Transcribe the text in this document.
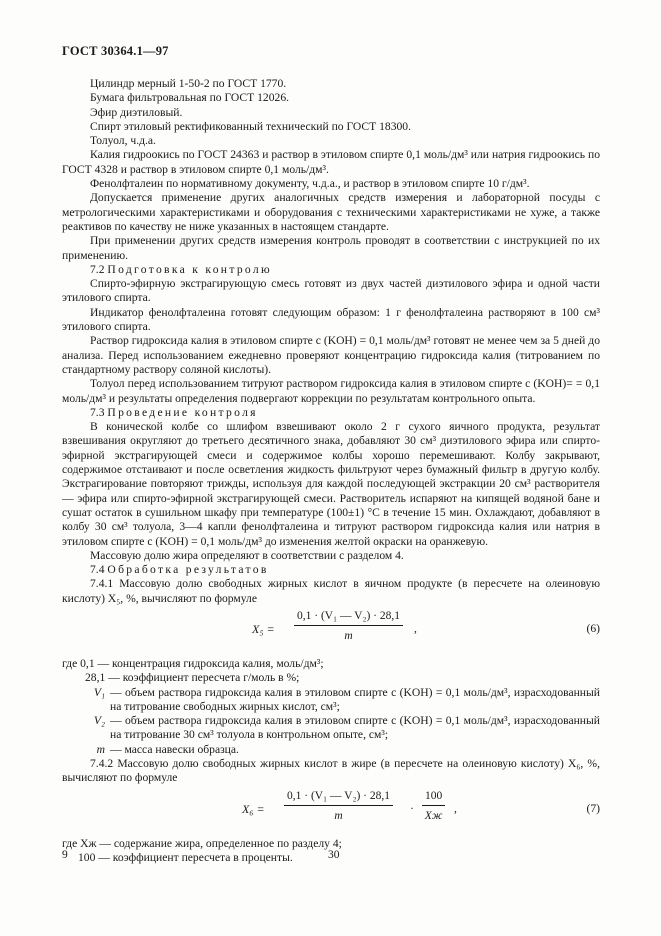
ГОСТ 30364.1—97

Цилиндр мерный 1-50-2 по ГОСТ 1770.

Бумага фильтровальная по ГОСТ 12026.

Эфир диэтиловый.

Спирт этиловый ректификованный технический по ГОСТ 18300.

Толуол, ч.д.а.

Калия гидроокись по ГОСТ 24363 и раствор в этиловом спирте 0,1 моль/дм³ или натрия гидроокись по ГОСТ 4328 и раствор в этиловом спирте 0,1 моль/дм³.

Фенолфталеин по нормативному документу, ч.д.а., и раствор в этиловом спирте 10 г/дм³.

Допускается применение других аналогичных средств измерения и лабораторной посуды с метрологическими характеристиками и оборудования с техническими характеристиками не хуже, а также реактивов по качеству не ниже указанных в настоящем стандарте.

При применении других средств измерения контроль проводят в соответствии с инструкцией по их применению.

7.2 Подготовка к контролю

Спирто-эфирную экстрагирующую смесь готовят из двух частей диэтилового эфира и одной части этилового спирта.

Индикатор фенолфталеина готовят следующим образом: 1 г фенолфталеина растворяют в 100 см³ этилового спирта.

Раствор гидроксида калия в этиловом спирте с (KOH) = 0,1 моль/дм³ готовят не менее чем за 5 дней до анализа. Перед использованием ежедневно проверяют концентрацию гидроксида калия (титрованием по стандартному раствору соляной кислоты).

Толуол перед использованием титруют раствором гидроксида калия в этиловом спирте с (KOH)= = 0,1 моль/дм³ и результаты определения подвергают коррекции по результатам контрольного опыта.

7.3 Проведение контроля

В конической колбе со шлифом взвешивают около 2 г сухого яичного продукта, результат взвешивания округляют до третьего десятичного знака, добавляют 30 см³ диэтилового эфира или спирто-эфирной экстрагирующей смеси и содержимое колбы хорошо перемешивают. Колбу закрывают, содержимое отстаивают и после осветления жидкость фильтруют через бумажный фильтр в другую колбу. Экстрагирование повторяют трижды, используя для каждой последующей экстракции 20 см³ растворителя — эфира или спирто-эфирной экстрагирующей смеси. Растворитель испаряют на кипящей водяной бане и сушат остаток в сушильном шкафу при температуре (100±1) °С в течение 15 мин. Охлаждают, добавляют в колбу 30 см³ толуола, 3—4 капли фенолфталеина и титруют раствором гидроксида калия или натрия в этиловом спирте с (KOH) = 0,1 моль/дм³ до изменения желтой окраски на оранжевую.

Массовую долю жира определяют в соответствии с разделом 4.

7.4 Обработка результатов

7.4.1 Массовую долю свободных жирных кислот в яичном продукте (в пересчете на олеиновую кислоту) X₅, %, вычисляют по формуле

$X_5 = \frac{\text{0,1 · (V₁ — V₂) · 28,1}}{m}$ ,	(6)

где 0,1 — концентрация гидроксида калия, моль/дм³;

28,1 — коэффициент пересчета г/моль в %;

V₁ — объем раствора гидроксида калия в этиловом спирте с (KOH) = 0,1 моль/дм³, израсходованный на титрование свободных жирных кислот, см³;

V₂ — объем раствора гидроксида калия в этиловом спирте с (KOH) = 0,1 моль/дм³, израсходованный на титрование 30 см³ толуола в контрольном опыте, см³;

m — масса навески образца.

7.4.2 Массовую долю свободных жирных кислот в жире (в пересчете на олеиновую кислоту) X₆, %, вычисляют по формуле

$X_6 = \frac{\text{0,1 · (V₁ — V₂) · 28,1}}{m}$ ·
100
Xж
,	(7)

где Xж — содержание жира, определенное по разделу 4;

100 — коэффициент пересчета в проценты.

9	30
